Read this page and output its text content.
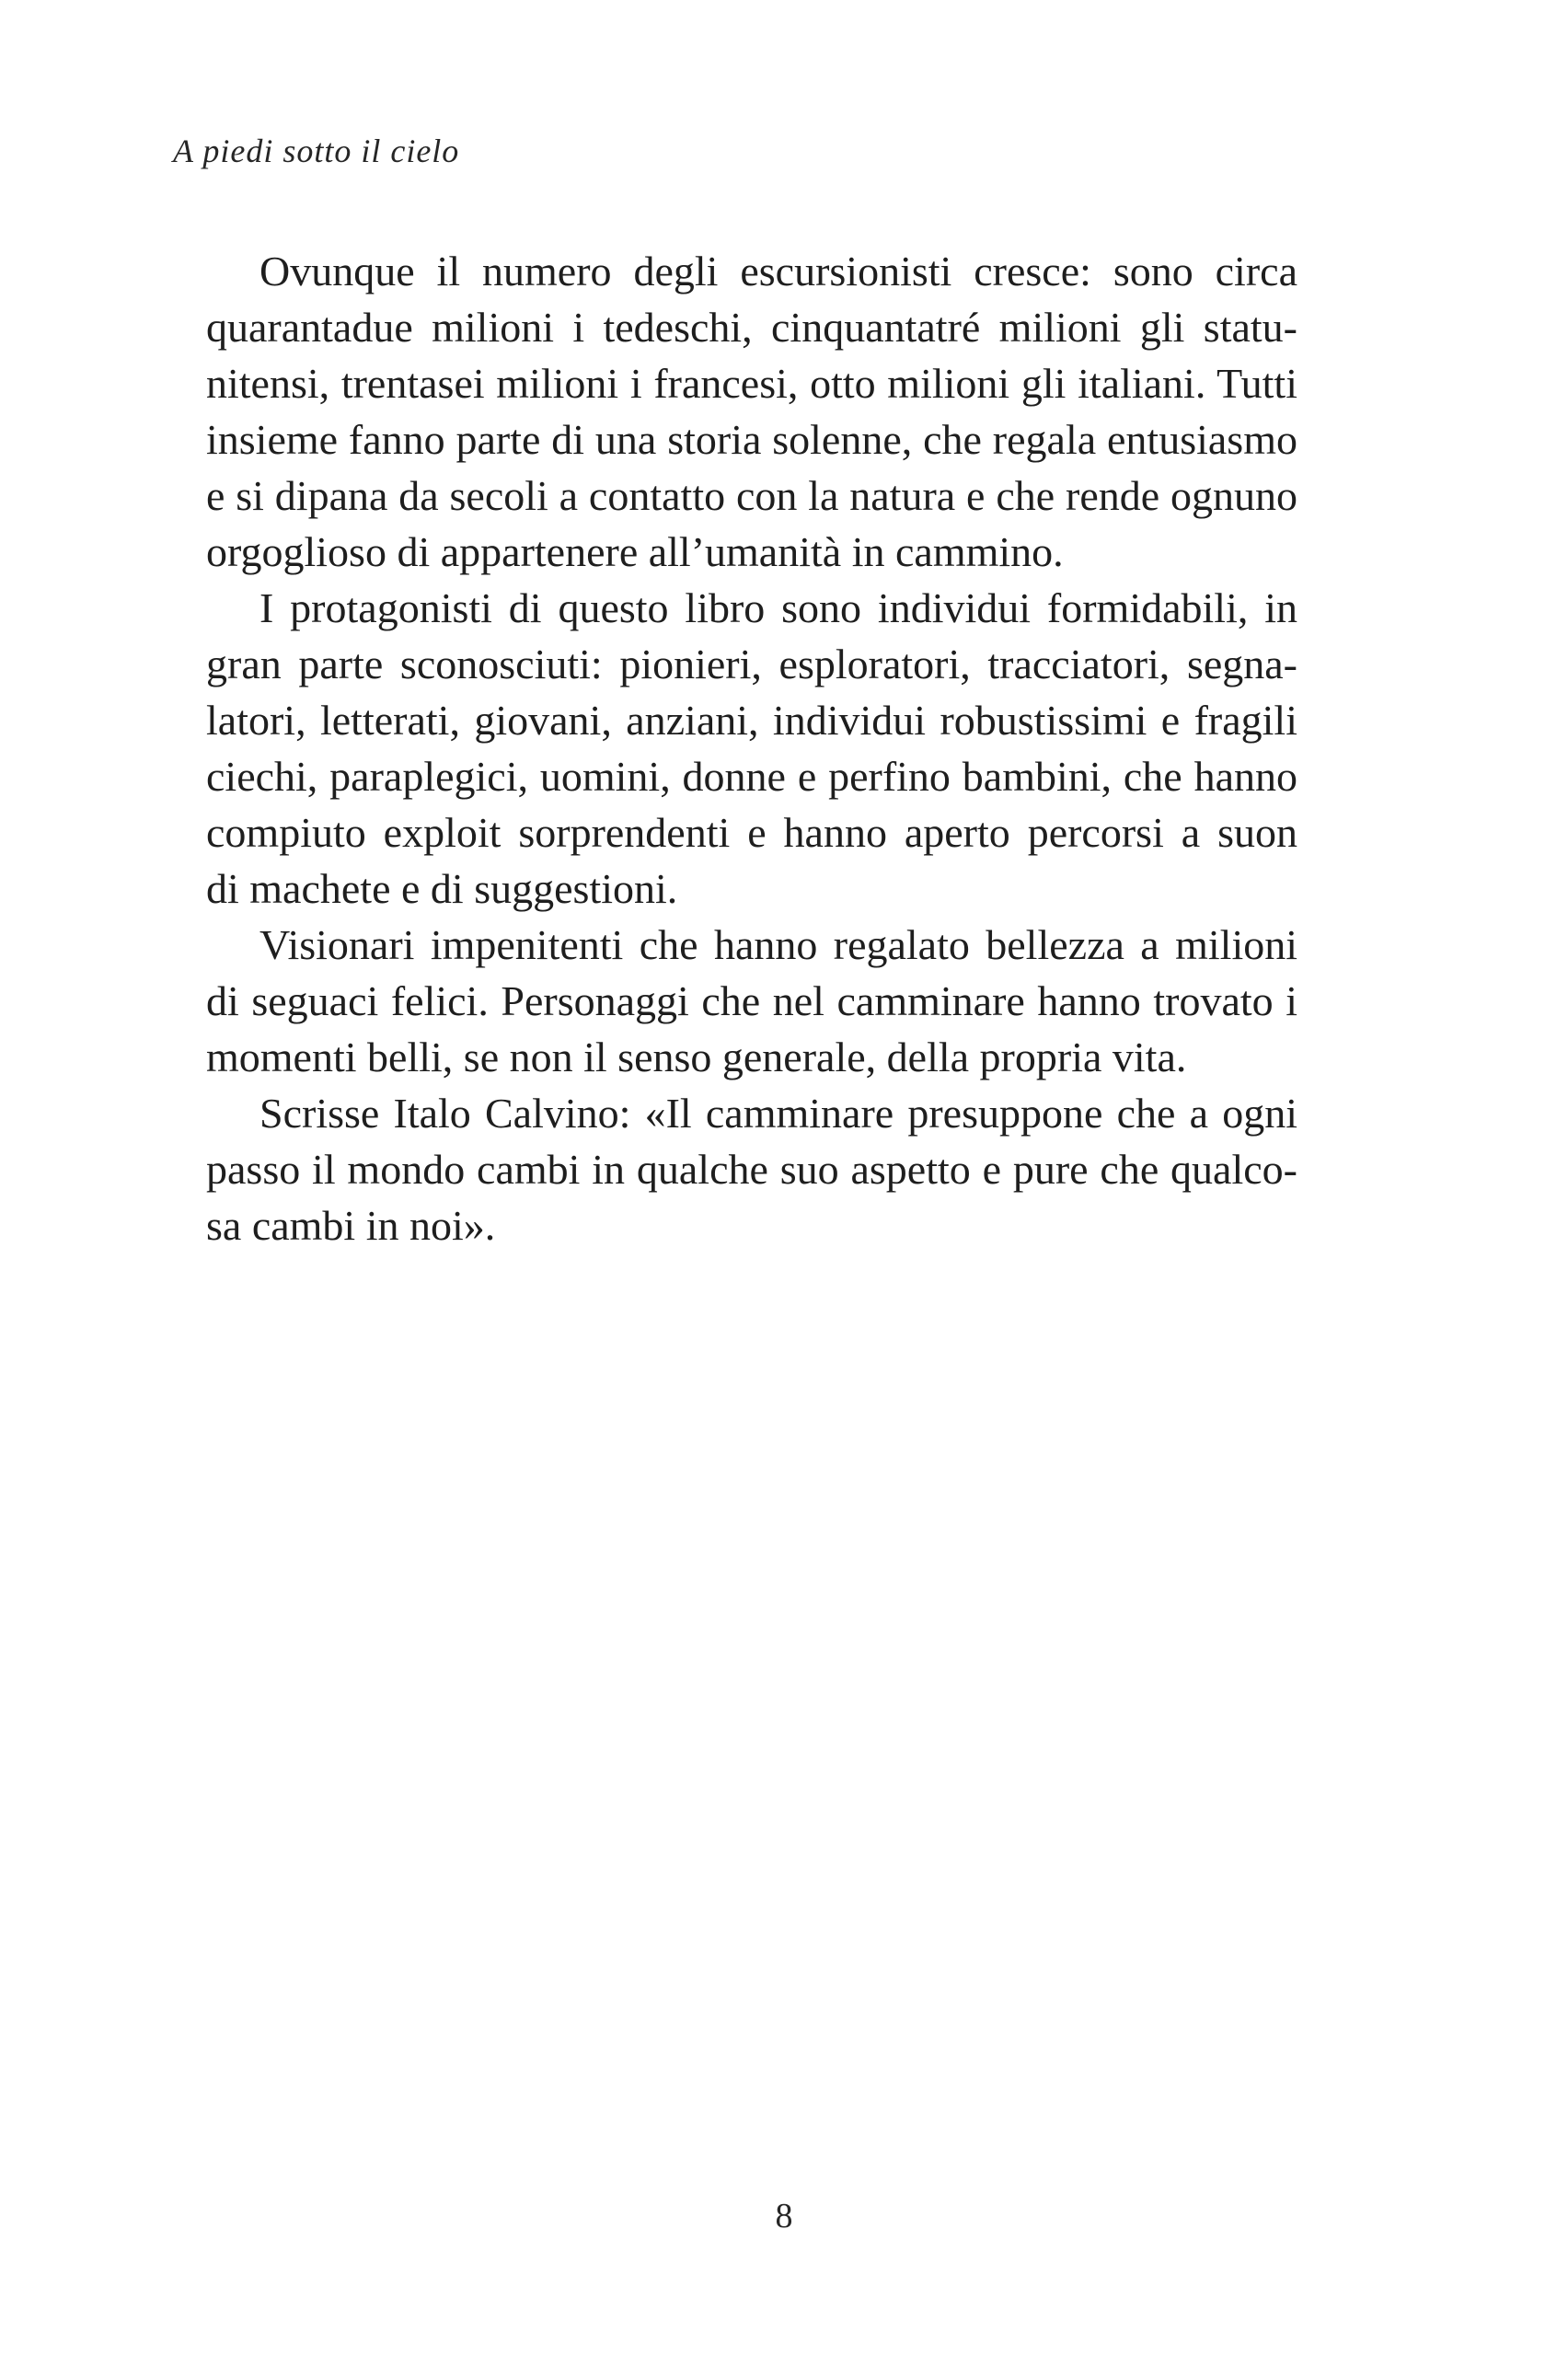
A piedi sotto il cielo

Ovunque il numero degli escursionisti cresce: sono circa
quarantadue milioni i tedeschi, cinquantatré milioni gli statu-
nitensi, trentasei milioni i francesi, otto milioni gli italiani. Tutti
insieme fanno parte di una storia solenne, che regala entusiasmo
e si dipana da secoli a contatto con la natura e che rende ognuno
orgoglioso di appartenere all’umanità in cammino.

I protagonisti di questo libro sono individui formidabili, in
gran parte sconosciuti: pionieri, esploratori, tracciatori, segna-
latori, letterati, giovani, anziani, individui robustissimi e fragili
ciechi, paraplegici, uomini, donne e perfino bambini, che hanno
compiuto exploit sorprendenti e hanno aperto percorsi a suon
di machete e di suggestioni.

Visionari impenitenti che hanno regalato bellezza a milioni
di seguaci felici. Personaggi che nel camminare hanno trovato i
momenti belli, se non il senso generale, della propria vita.

Scrisse Italo Calvino: «Il camminare presuppone che a ogni
passo il mondo cambi in qualche suo aspetto e pure che qualco-
sa cambi in noi».

8
